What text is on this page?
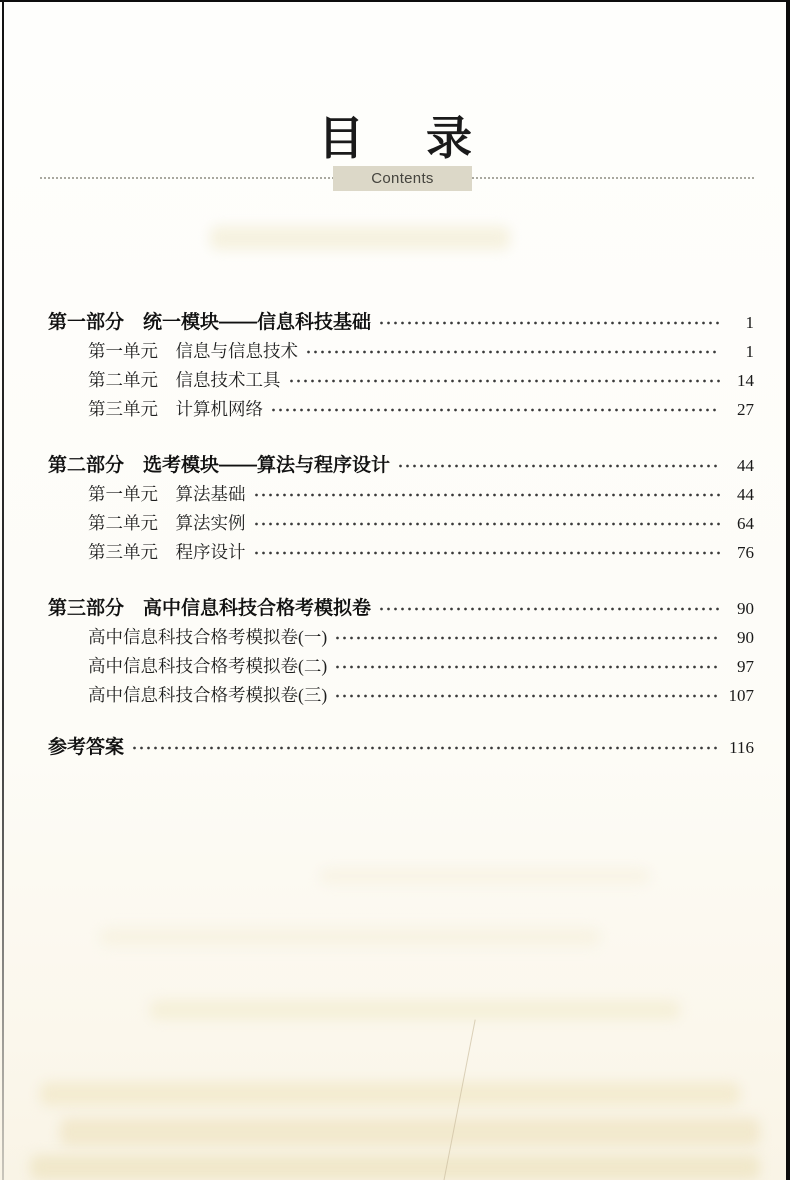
目 录
Contents
第一部分　统一模块——信息科技基础	1
第一单元　信息与信息技术	1
第二单元　信息技术工具	14
第三单元　计算机网络	27
第二部分　选考模块——算法与程序设计	44
第一单元　算法基础	44
第二单元　算法实例	64
第三单元　程序设计	76
第三部分　高中信息科技合格考模拟卷	90
高中信息科技合格考模拟卷(一)	90
高中信息科技合格考模拟卷(二)	97
高中信息科技合格考模拟卷(三)	107
参考答案	116
